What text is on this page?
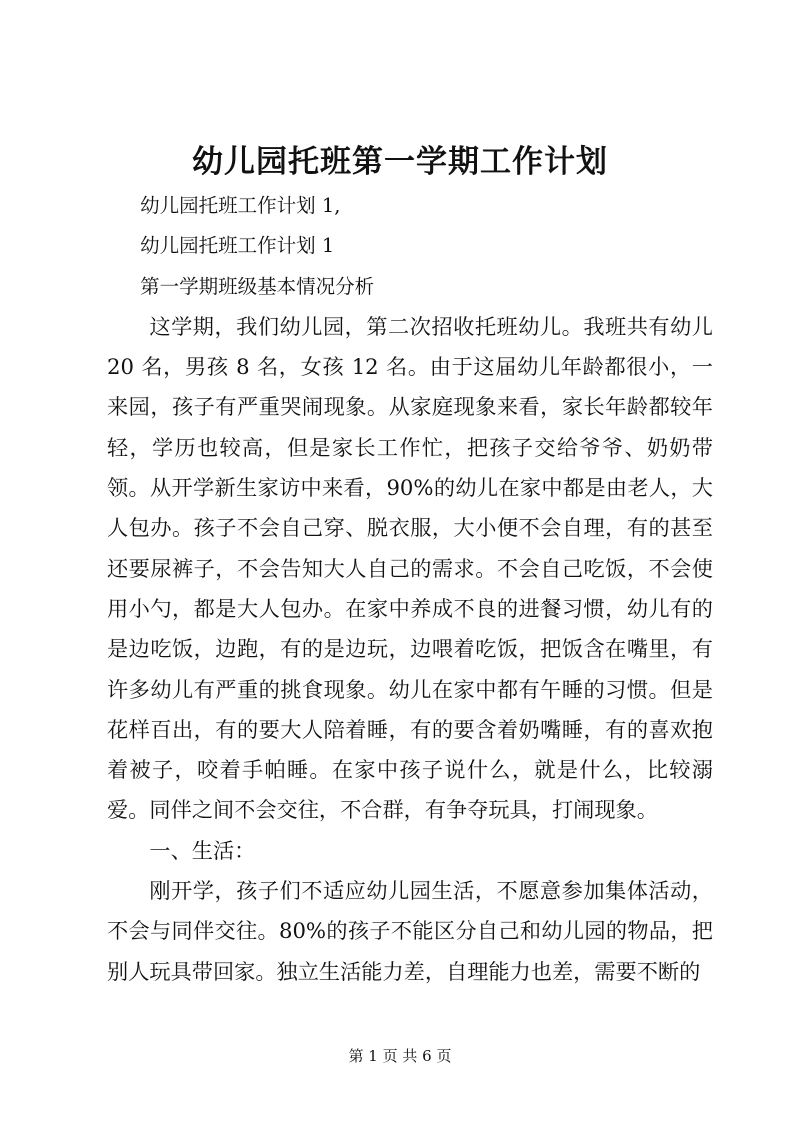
幼儿园托班第一学期工作计划

幼儿园托班工作计划 1,

幼儿园托班工作计划 1

第一学期班级基本情况分析

这学期，我们幼儿园，第二次招收托班幼儿。我班共有幼儿 20 名，男孩 8 名，女孩 12 名。由于这届幼儿年龄都很小，一来园，孩子有严重哭闹现象。从家庭现象来看，家长年龄都较年轻，学历也较高，但是家长工作忙，把孩子交给爷爷、奶奶带领。从开学新生家访中来看，90%的幼儿在家中都是由老人，大人包办。孩子不会自己穿、脱衣服，大小便不会自理，有的甚至还要尿裤子，不会告知大人自己的需求。不会自己吃饭，不会使用小勺，都是大人包办。在家中养成不良的进餐习惯，幼儿有的是边吃饭，边跑，有的是边玩，边喂着吃饭，把饭含在嘴里，有许多幼儿有严重的挑食现象。幼儿在家中都有午睡的习惯。但是花样百出，有的要大人陪着睡，有的要含着奶嘴睡，有的喜欢抱着被子，咬着手帕睡。在家中孩子说什么，就是什么，比较溺爱。同伴之间不会交往，不合群，有争夺玩具，打闹现象。

一、生活：

刚开学，孩子们不适应幼儿园生活，不愿意参加集体活动，不会与同伴交往。80%的孩子不能区分自己和幼儿园的物品，把别人玩具带回家。独立生活能力差，自理能力也差，需要不断的

第 1 页 共 6 页
